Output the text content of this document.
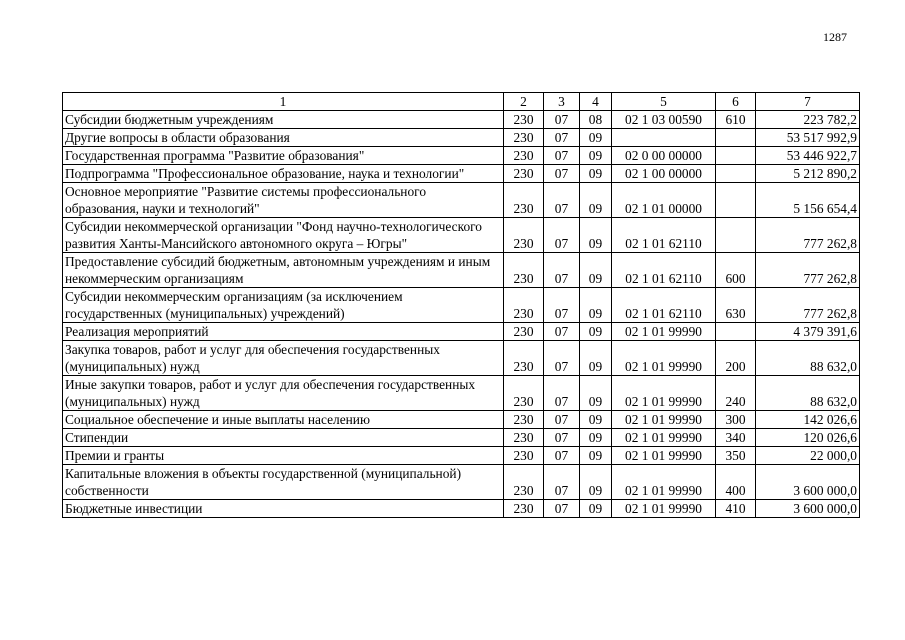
1287
1	2	3	4	5	6	7
Субсидии бюджетным учреждениям	230	07	08	02 1 03 00590	610	223 782,2
Другие вопросы в области образования	230	07	09			53 517 992,9
Государственная программа "Развитие образования"	230	07	09	02 0 00 00000		53 446 922,7
Подпрограмма "Профессиональное образование, наука и технологии"	230	07	09	02 1 00 00000		5 212 890,2
Основное мероприятие "Развитие системы профессионального образования, науки и технологий"	230	07	09	02 1 01 00000		5 156 654,4
Субсидии некоммерческой организации "Фонд научно-технологического развития Ханты-Мансийского автономного округа – Югры"	230	07	09	02 1 01 62110		777 262,8
Предоставление субсидий бюджетным, автономным учреждениям и иным некоммерческим организациям	230	07	09	02 1 01 62110	600	777 262,8
Субсидии некоммерческим организациям (за исключением государственных (муниципальных) учреждений)	230	07	09	02 1 01 62110	630	777 262,8
Реализация мероприятий	230	07	09	02 1 01 99990		4 379 391,6
Закупка товаров, работ и услуг для обеспечения государственных (муниципальных) нужд	230	07	09	02 1 01 99990	200	88 632,0
Иные закупки товаров, работ и услуг для обеспечения государственных (муниципальных) нужд	230	07	09	02 1 01 99990	240	88 632,0
Социальное обеспечение и иные выплаты населению	230	07	09	02 1 01 99990	300	142 026,6
Стипендии	230	07	09	02 1 01 99990	340	120 026,6
Премии и гранты	230	07	09	02 1 01 99990	350	22 000,0
Капитальные вложения в объекты государственной (муниципальной) собственности	230	07	09	02 1 01 99990	400	3 600 000,0
Бюджетные инвестиции	230	07	09	02 1 01 99990	410	3 600 000,0
